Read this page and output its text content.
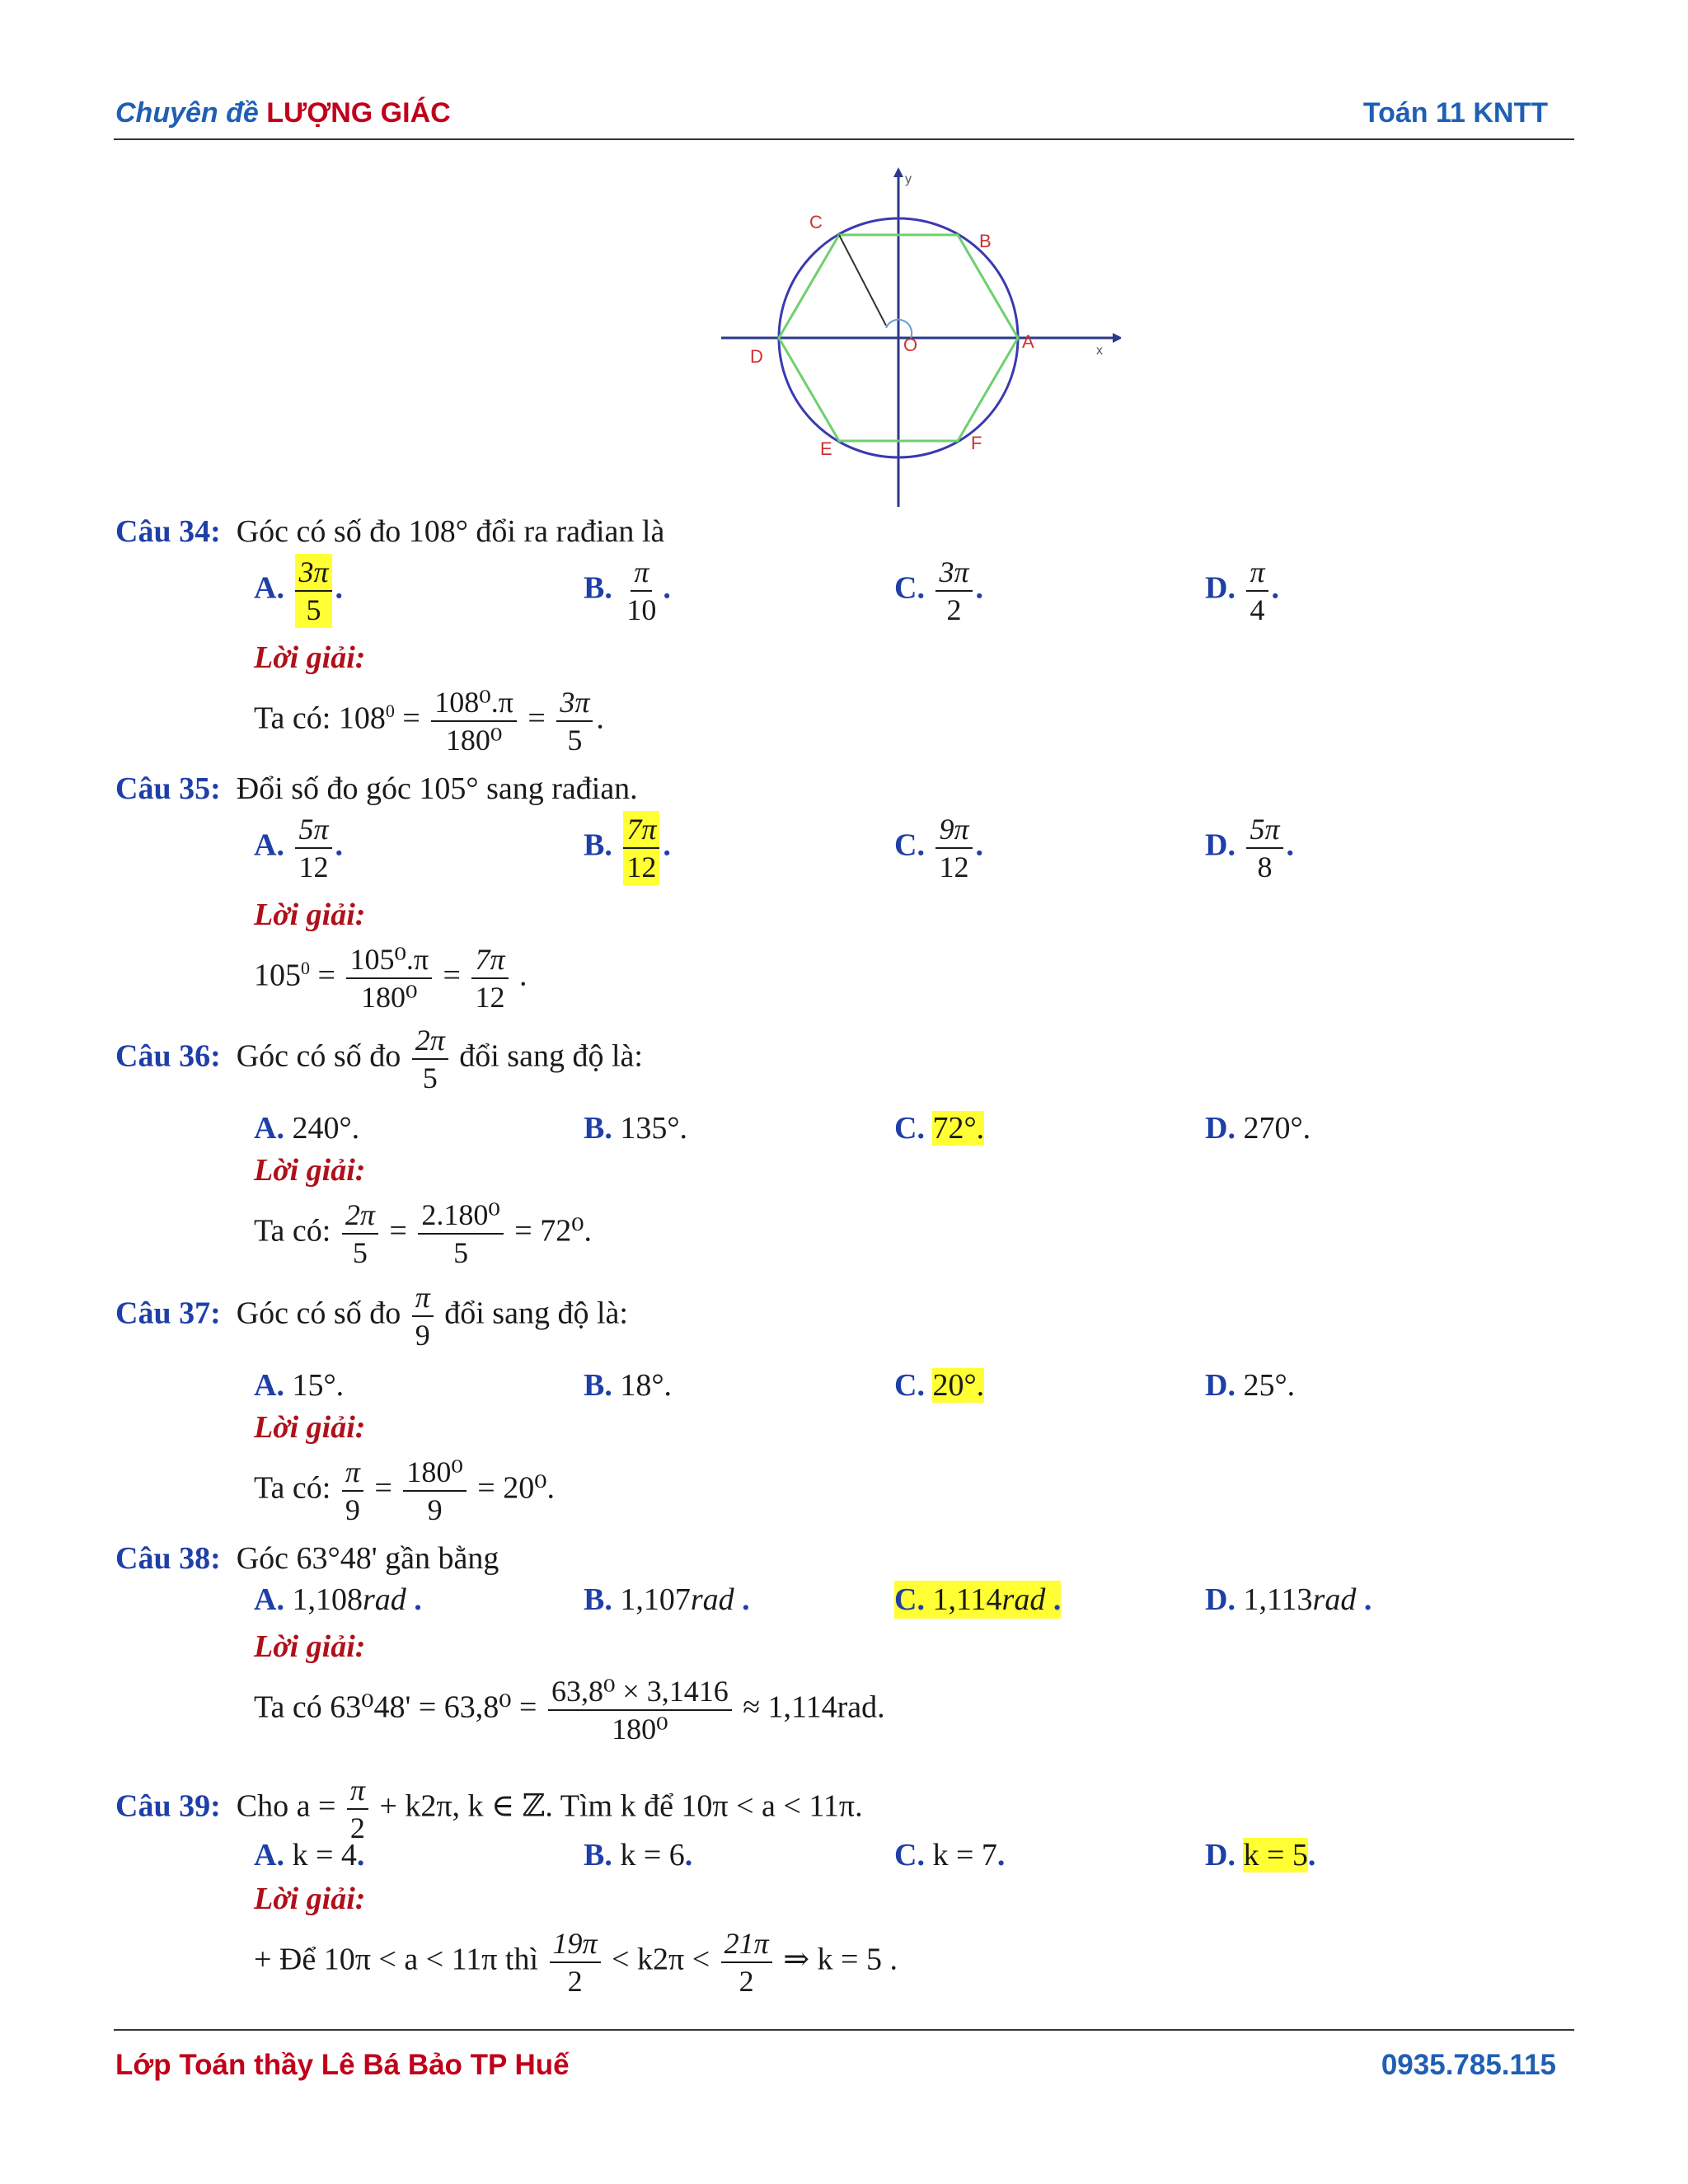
Chuyên đề LƯỢNG GIÁC	Toán 11 KNTT
C
B
A
D
O
E	F
x
y
Câu 34: Góc có số đo 108° đổi ra rađian là
A. $\frac{3\pi}{5}$ .	B. $\frac{\pi}{10}$ .	C. $\frac{3\pi}{2}$ .	D. $\frac{\pi}{4}$ .
Lời giải:
Ta có: $108^0 = \frac{\text{108⁰.π}}{\text{180⁰}} = \frac{3\pi}{5}$ .
Câu 35: Đổi số đo góc 105° sang rađian.
A. $\frac{5\pi}{12}$ .	B. $\frac{7\pi}{12}$ .	C. $\frac{9\pi}{12}$ .	D. $\frac{5\pi}{8}$ .
Lời giải:
$105^0 = \frac{\text{105⁰.π}}{\text{180⁰}} = \frac{7\pi}{12}$ .
Câu 36: Góc có số đo $\frac{2\pi}{5}$ đổi sang độ là:
A. 240°.	B. 135°.	C. 72°.	D. 270°.
Lời giải:
Ta có: $\frac{2\pi}{5} = \frac{\text{2.180⁰}}{5} = 72^0$.
Câu 37: Góc có số đo $\frac{\pi}{9}$ đổi sang độ là:
A. 15°.	B. 18°.	C. 20°.	D. 25°.
Lời giải:
Ta có: $\frac{\pi}{9} = \frac{\text{180⁰}}{9} = 20^0$.
Câu 38: Góc 63°48' gần bằng
A. 1,108rad .	B. 1,107rad .	C. 1,114rad .	D. 1,113rad .
Lời giải:
Ta có $63^048' = 63,8^0 = \frac{\text{63,8⁰ × 3,1416}}{\text{180⁰}} \approx 1,114rad$.
Câu 39: Cho $a = \frac{\pi}{2} + k2\pi$, k ∈ ℤ. Tìm k để 10π < a < 11π.
A. k = 4.	B. k = 6.	C. k = 7.	D. k = 5.
Lời giải:
+ Để 10π < a < 11π thì $\frac{19\pi}{2} < k2\pi < \frac{21\pi}{2}$ ⇒ k = 5 .
Lớp Toán thầy Lê Bá Bảo TP Huế	0935.785.115
